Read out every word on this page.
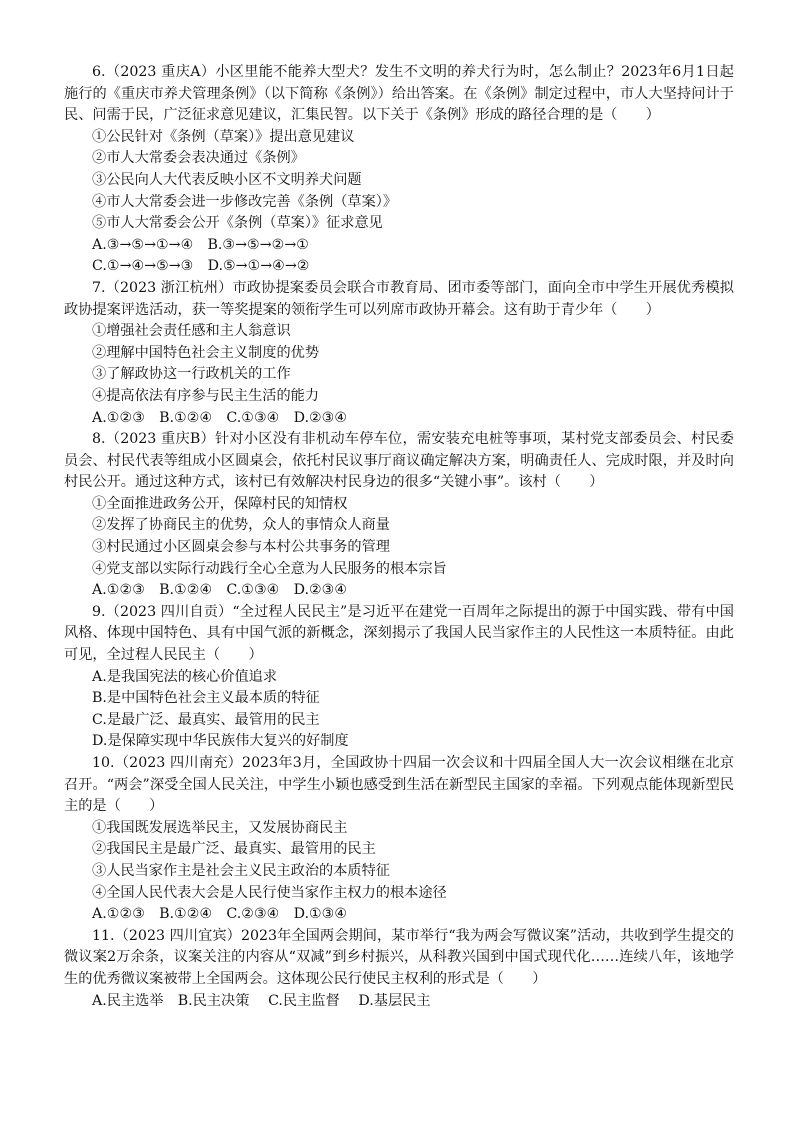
6.（2023 重庆A）小区里能不能养大型犬？发生不文明的养犬行为时，怎么制止？2023年6月1日起施行的《重庆市养犬管理条例》（以下简称《条例》）给出答案。在《条例》制定过程中，市人大坚持问计于民、问需于民，广泛征求意见建议，汇集民智。以下关于《条例》形成的路径合理的是（　　）

①公民针对《条例（草案）》提出意见建议

②市人大常委会表决通过《条例》

③公民向人大代表反映小区不文明养犬问题

④市人大常委会进一步修改完善《条例（草案）》

⑤市人大常委会公开《条例（草案）》征求意见

A.③→⑤→①→④　B.③→⑤→②→①

C.①→④→⑤→③　D.⑤→①→④→②

7.（2023 浙江杭州）市政协提案委员会联合市教育局、团市委等部门，面向全市中学生开展优秀模拟政协提案评选活动，获一等奖提案的领衔学生可以列席市政协开幕会。这有助于青少年（　　）

①增强社会责任感和主人翁意识

②理解中国特色社会主义制度的优势

③了解政协这一行政机关的工作

④提高依法有序参与民主生活的能力

A.①②③　B.①②④　C.①③④　D.②③④

8.（2023 重庆B）针对小区没有非机动车停车位，需安装充电桩等事项，某村党支部委员会、村民委员会、村民代表等组成小区圆桌会，依托村民议事厅商议确定解决方案，明确责任人、完成时限，并及时向村民公开。通过这种方式，该村已有效解决村民身边的很多“关键小事”。该村（　　）

①全面推进政务公开，保障村民的知情权

②发挥了协商民主的优势，众人的事情众人商量

③村民通过小区圆桌会参与本村公共事务的管理

④党支部以实际行动践行全心全意为人民服务的根本宗旨

A.①②③　B.①②④　C.①③④　D.②③④

9.（2023 四川自贡）“全过程人民民主”是习近平在建党一百周年之际提出的源于中国实践、带有中国风格、体现中国特色、具有中国气派的新概念，深刻揭示了我国人民当家作主的人民性这一本质特征。由此可见，全过程人民民主（　　）

A.是我国宪法的核心价值追求

B.是中国特色社会主义最本质的特征

C.是最广泛、最真实、最管用的民主

D.是保障实现中华民族伟大复兴的好制度

10.（2023 四川南充）2023年3月，全国政协十四届一次会议和十四届全国人大一次会议相继在北京召开。“两会”深受全国人民关注，中学生小颖也感受到生活在新型民主国家的幸福。下列观点能体现新型民主的是（　　）

①我国既发展选举民主，又发展协商民主

②我国民主是最广泛、最真实、最管用的民主

③人民当家作主是社会主义民主政治的本质特征

④全国人民代表大会是人民行使当家作主权力的根本途径

A.①②③　B.①②④　C.②③④　D.①③④

11.（2023 四川宜宾）2023年全国两会期间，某市举行“我为两会写微议案”活动，共收到学生提交的微议案2万余条，议案关注的内容从“双减”到乡村振兴，从科教兴国到中国式现代化……连续八年，该地学生的优秀微议案被带上全国两会。这体现公民行使民主权利的形式是（　　）

A.民主选举　B.民主决策　 C.民主监督　 D.基层民主
